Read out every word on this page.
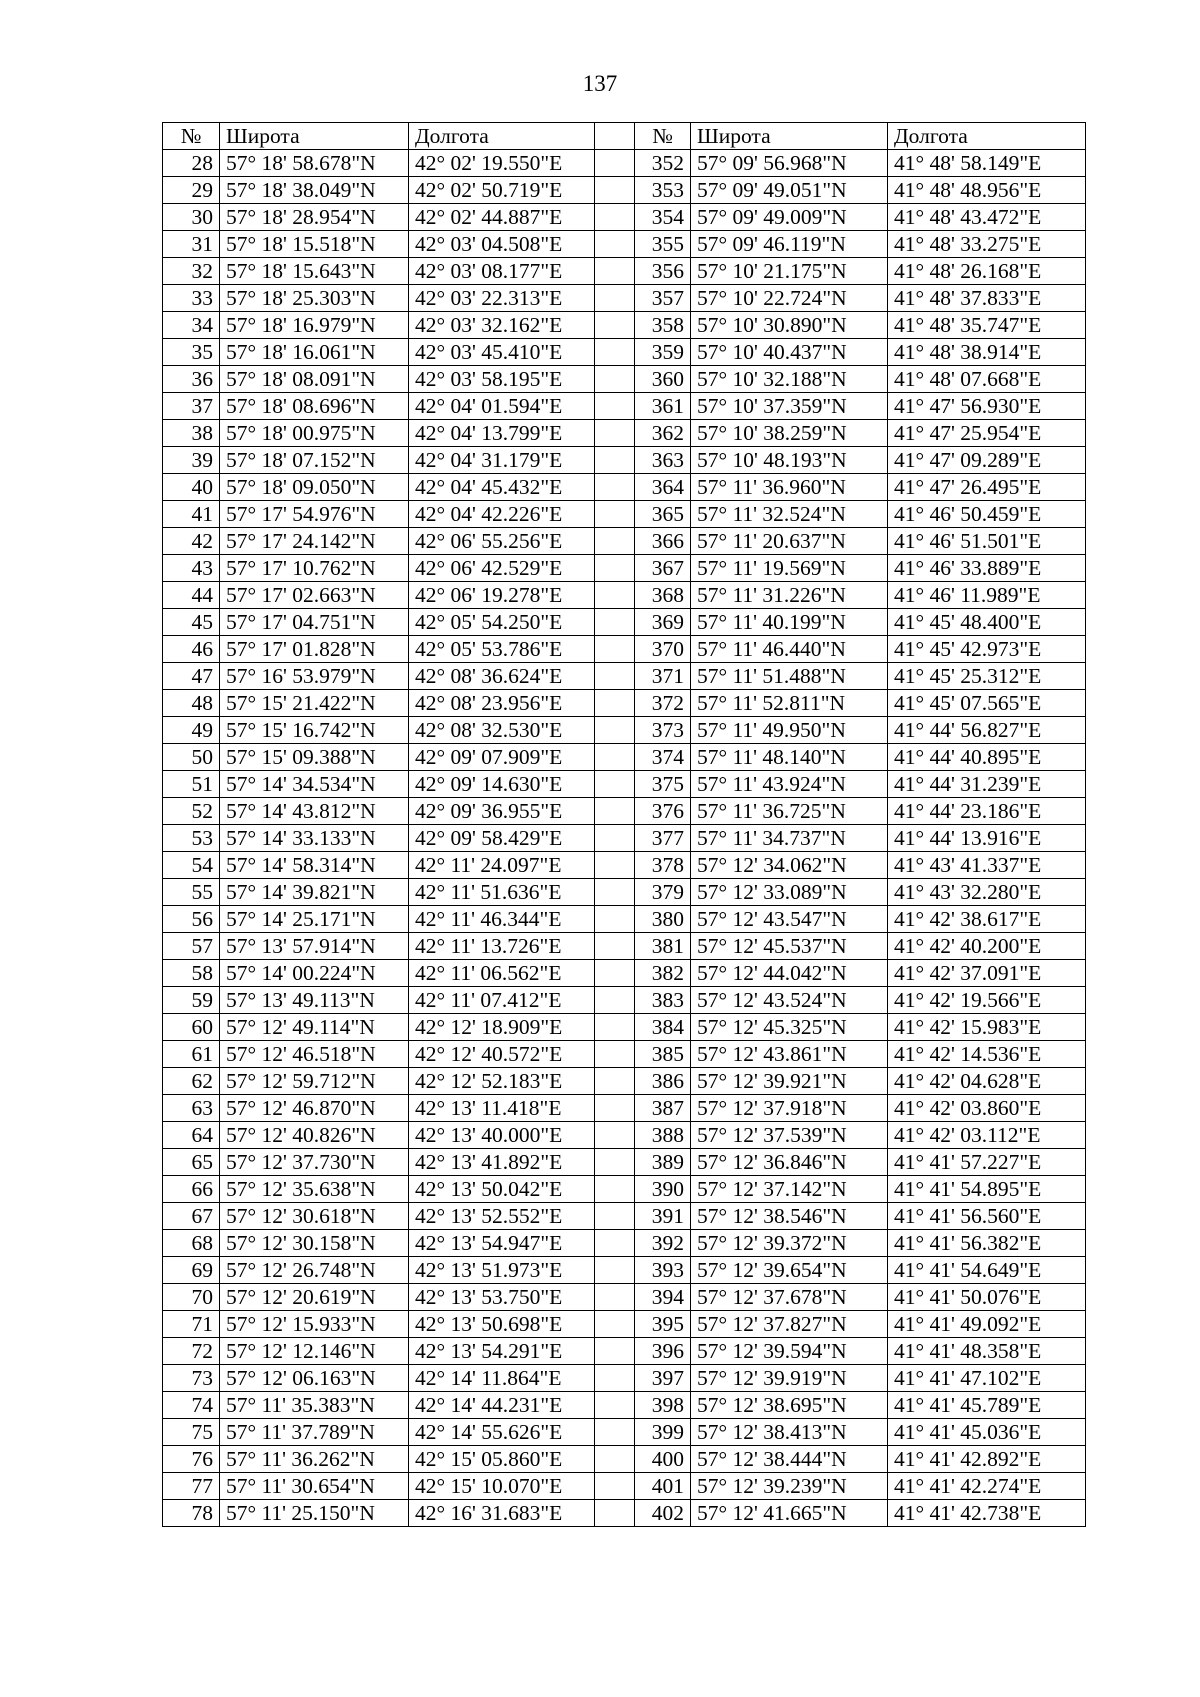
137
№	Широта	Долгота		№	Широта	Долгота
28	57° 18' 58.678"N	42° 02' 19.550"E		352	57° 09' 56.968"N	41° 48' 58.149"E
29	57° 18' 38.049"N	42° 02' 50.719"E		353	57° 09' 49.051"N	41° 48' 48.956"E
30	57° 18' 28.954"N	42° 02' 44.887"E		354	57° 09' 49.009"N	41° 48' 43.472"E
31	57° 18' 15.518"N	42° 03' 04.508"E		355	57° 09' 46.119"N	41° 48' 33.275"E
32	57° 18' 15.643"N	42° 03' 08.177"E		356	57° 10' 21.175"N	41° 48' 26.168"E
33	57° 18' 25.303"N	42° 03' 22.313"E		357	57° 10' 22.724"N	41° 48' 37.833"E
34	57° 18' 16.979"N	42° 03' 32.162"E		358	57° 10' 30.890"N	41° 48' 35.747"E
35	57° 18' 16.061"N	42° 03' 45.410"E		359	57° 10' 40.437"N	41° 48' 38.914"E
36	57° 18' 08.091"N	42° 03' 58.195"E		360	57° 10' 32.188"N	41° 48' 07.668"E
37	57° 18' 08.696"N	42° 04' 01.594"E		361	57° 10' 37.359"N	41° 47' 56.930"E
38	57° 18' 00.975"N	42° 04' 13.799"E		362	57° 10' 38.259"N	41° 47' 25.954"E
39	57° 18' 07.152"N	42° 04' 31.179"E		363	57° 10' 48.193"N	41° 47' 09.289"E
40	57° 18' 09.050"N	42° 04' 45.432"E		364	57° 11' 36.960"N	41° 47' 26.495"E
41	57° 17' 54.976"N	42° 04' 42.226"E		365	57° 11' 32.524"N	41° 46' 50.459"E
42	57° 17' 24.142"N	42° 06' 55.256"E		366	57° 11' 20.637"N	41° 46' 51.501"E
43	57° 17' 10.762"N	42° 06' 42.529"E		367	57° 11' 19.569"N	41° 46' 33.889"E
44	57° 17' 02.663"N	42° 06' 19.278"E		368	57° 11' 31.226"N	41° 46' 11.989"E
45	57° 17' 04.751"N	42° 05' 54.250"E		369	57° 11' 40.199"N	41° 45' 48.400"E
46	57° 17' 01.828"N	42° 05' 53.786"E		370	57° 11' 46.440"N	41° 45' 42.973"E
47	57° 16' 53.979"N	42° 08' 36.624"E		371	57° 11' 51.488"N	41° 45' 25.312"E
48	57° 15' 21.422"N	42° 08' 23.956"E		372	57° 11' 52.811"N	41° 45' 07.565"E
49	57° 15' 16.742"N	42° 08' 32.530"E		373	57° 11' 49.950"N	41° 44' 56.827"E
50	57° 15' 09.388"N	42° 09' 07.909"E		374	57° 11' 48.140"N	41° 44' 40.895"E
51	57° 14' 34.534"N	42° 09' 14.630"E		375	57° 11' 43.924"N	41° 44' 31.239"E
52	57° 14' 43.812"N	42° 09' 36.955"E		376	57° 11' 36.725"N	41° 44' 23.186"E
53	57° 14' 33.133"N	42° 09' 58.429"E		377	57° 11' 34.737"N	41° 44' 13.916"E
54	57° 14' 58.314"N	42° 11' 24.097"E		378	57° 12' 34.062"N	41° 43' 41.337"E
55	57° 14' 39.821"N	42° 11' 51.636"E		379	57° 12' 33.089"N	41° 43' 32.280"E
56	57° 14' 25.171"N	42° 11' 46.344"E		380	57° 12' 43.547"N	41° 42' 38.617"E
57	57° 13' 57.914"N	42° 11' 13.726"E		381	57° 12' 45.537"N	41° 42' 40.200"E
58	57° 14' 00.224"N	42° 11' 06.562"E		382	57° 12' 44.042"N	41° 42' 37.091"E
59	57° 13' 49.113"N	42° 11' 07.412"E		383	57° 12' 43.524"N	41° 42' 19.566"E
60	57° 12' 49.114"N	42° 12' 18.909"E		384	57° 12' 45.325"N	41° 42' 15.983"E
61	57° 12' 46.518"N	42° 12' 40.572"E		385	57° 12' 43.861"N	41° 42' 14.536"E
62	57° 12' 59.712"N	42° 12' 52.183"E		386	57° 12' 39.921"N	41° 42' 04.628"E
63	57° 12' 46.870"N	42° 13' 11.418"E		387	57° 12' 37.918"N	41° 42' 03.860"E
64	57° 12' 40.826"N	42° 13' 40.000"E		388	57° 12' 37.539"N	41° 42' 03.112"E
65	57° 12' 37.730"N	42° 13' 41.892"E		389	57° 12' 36.846"N	41° 41' 57.227"E
66	57° 12' 35.638"N	42° 13' 50.042"E		390	57° 12' 37.142"N	41° 41' 54.895"E
67	57° 12' 30.618"N	42° 13' 52.552"E		391	57° 12' 38.546"N	41° 41' 56.560"E
68	57° 12' 30.158"N	42° 13' 54.947"E		392	57° 12' 39.372"N	41° 41' 56.382"E
69	57° 12' 26.748"N	42° 13' 51.973"E		393	57° 12' 39.654"N	41° 41' 54.649"E
70	57° 12' 20.619"N	42° 13' 53.750"E		394	57° 12' 37.678"N	41° 41' 50.076"E
71	57° 12' 15.933"N	42° 13' 50.698"E		395	57° 12' 37.827"N	41° 41' 49.092"E
72	57° 12' 12.146"N	42° 13' 54.291"E		396	57° 12' 39.594"N	41° 41' 48.358"E
73	57° 12' 06.163"N	42° 14' 11.864"E		397	57° 12' 39.919"N	41° 41' 47.102"E
74	57° 11' 35.383"N	42° 14' 44.231"E		398	57° 12' 38.695"N	41° 41' 45.789"E
75	57° 11' 37.789"N	42° 14' 55.626"E		399	57° 12' 38.413"N	41° 41' 45.036"E
76	57° 11' 36.262"N	42° 15' 05.860"E		400	57° 12' 38.444"N	41° 41' 42.892"E
77	57° 11' 30.654"N	42° 15' 10.070"E		401	57° 12' 39.239"N	41° 41' 42.274"E
78	57° 11' 25.150"N	42° 16' 31.683"E		402	57° 12' 41.665"N	41° 41' 42.738"E
